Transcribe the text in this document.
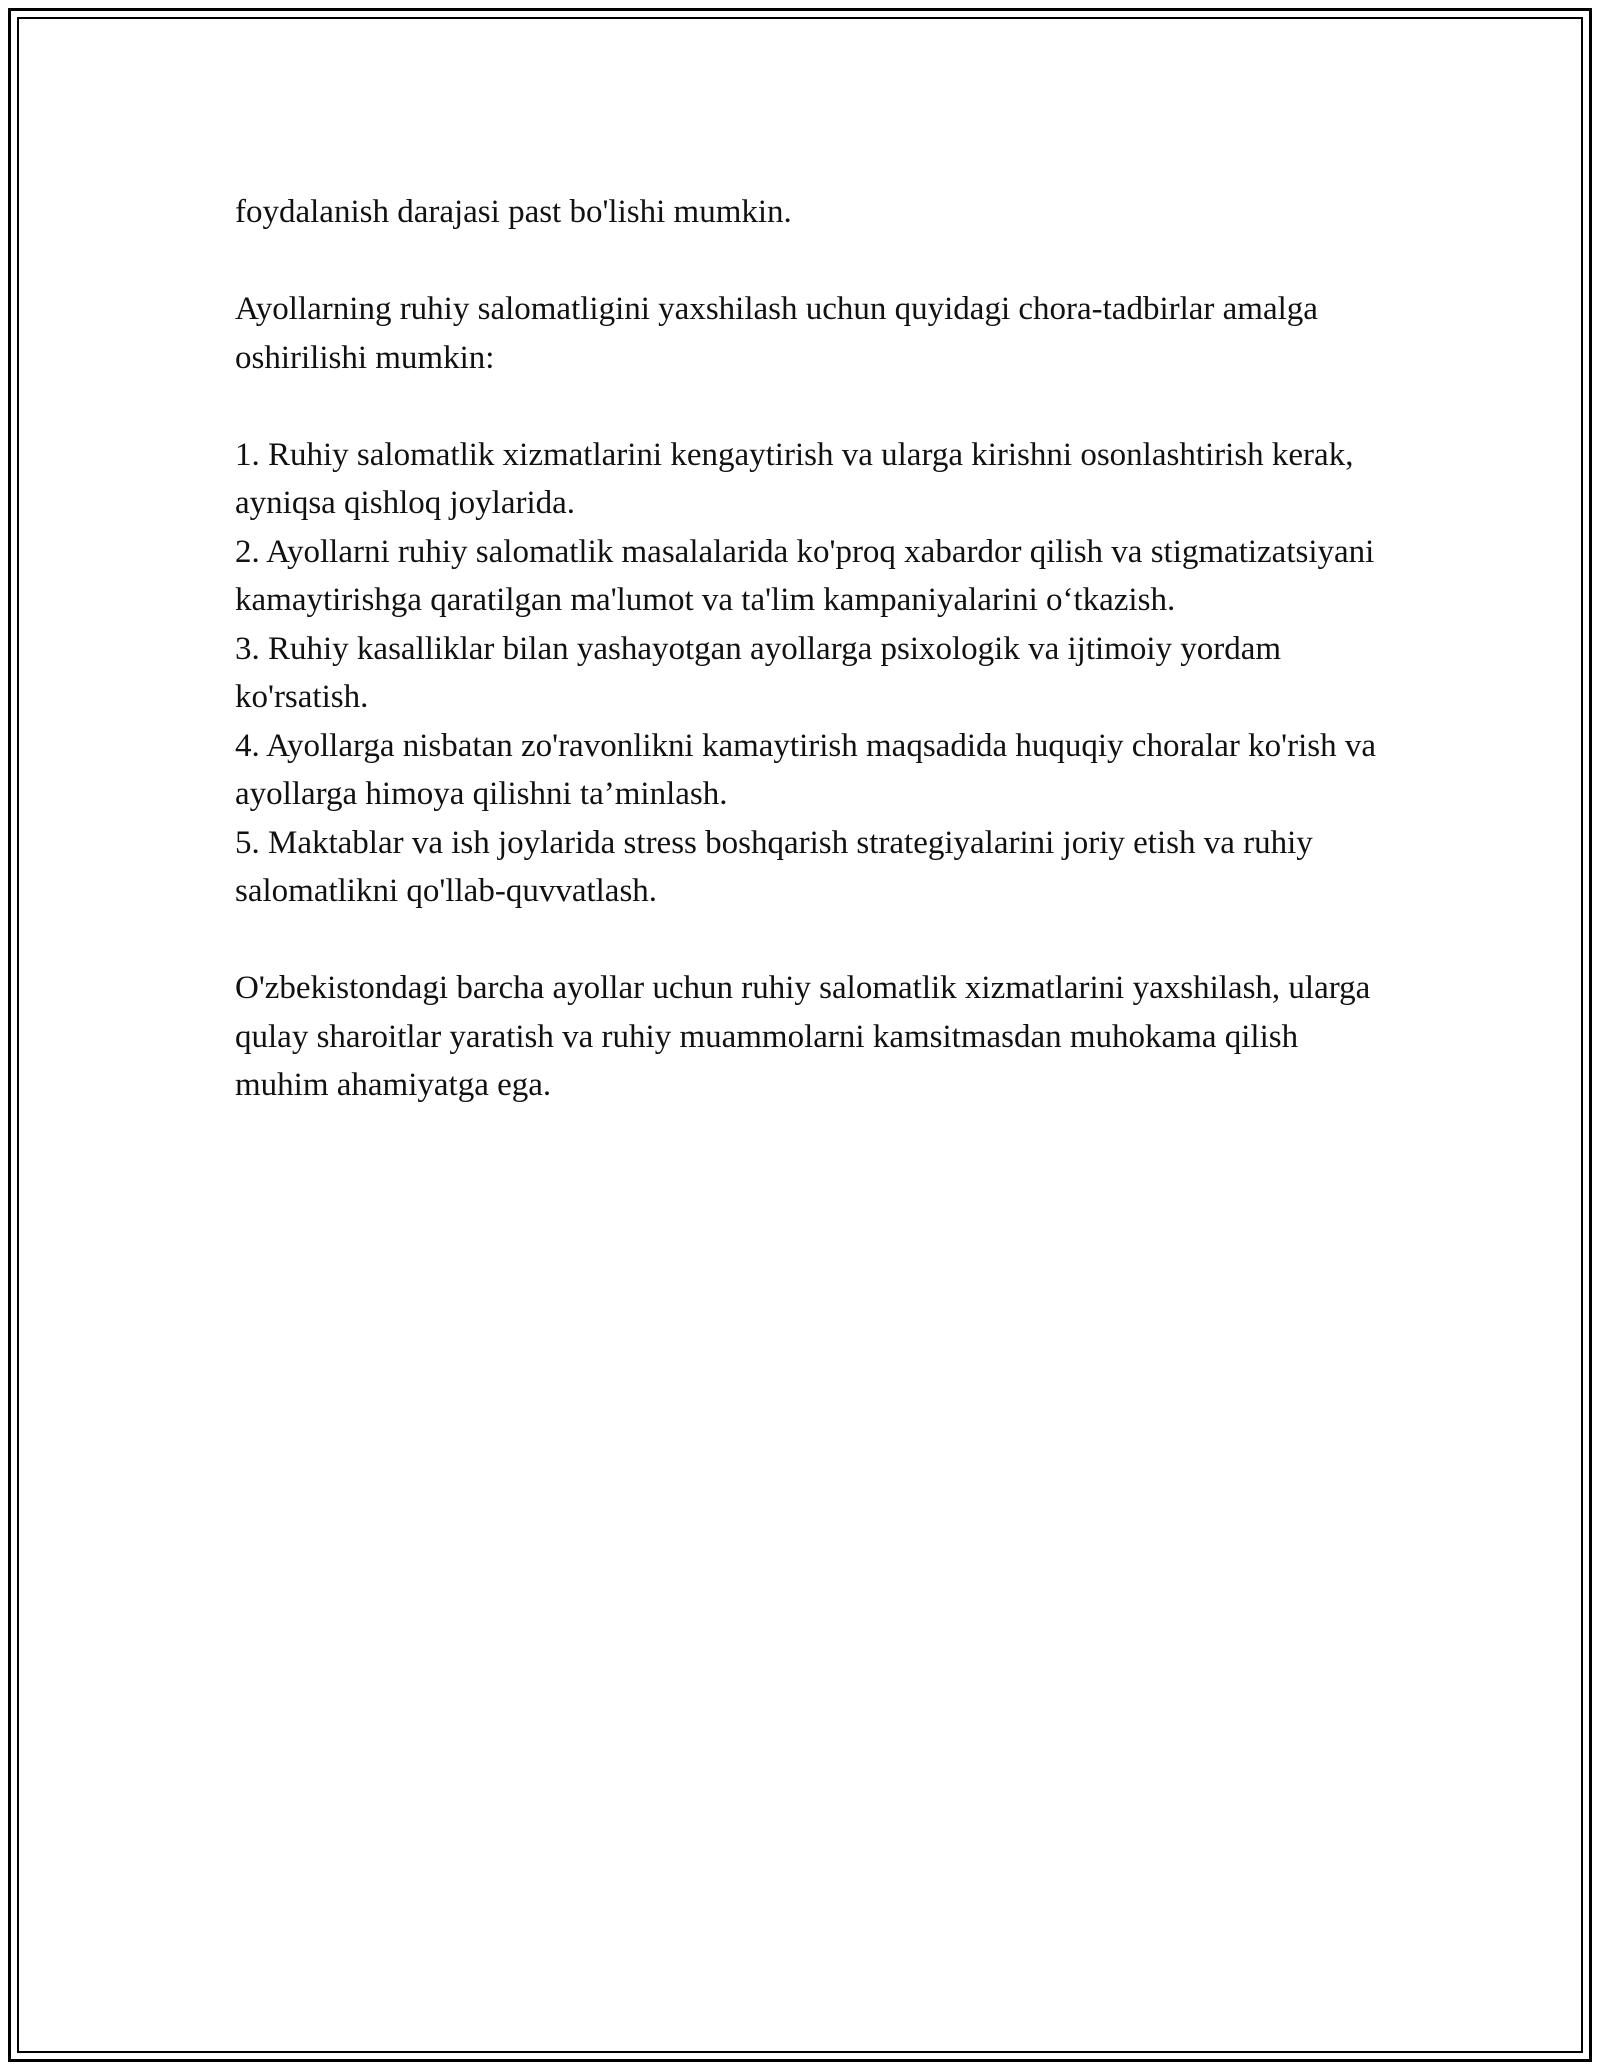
foydalanish darajasi past bo'lishi mumkin.

Ayollarning ruhiy salomatligini yaxshilash uchun quyidagi chora-tadbirlar amalga oshirilishi mumkin:

1. Ruhiy salomatlik xizmatlarini kengaytirish va ularga kirishni osonlashtirish kerak, ayniqsa qishloq joylarida.

2. Ayollarni ruhiy salomatlik masalalarida ko'proq xabardor qilish va stigmatizatsiyani kamaytirishga qaratilgan ma'lumot va ta'lim kampaniyalarini o‘tkazish.

3. Ruhiy kasalliklar bilan yashayotgan ayollarga psixologik va ijtimoiy yordam ko'rsatish.

4. Ayollarga nisbatan zo'ravonlikni kamaytirish maqsadida huquqiy choralar ko'rish va ayollarga himoya qilishni ta’minlash.

5. Maktablar va ish joylarida stress boshqarish strategiyalarini joriy etish va ruhiy salomatlikni qo'llab-quvvatlash.

O'zbekistondagi barcha ayollar uchun ruhiy salomatlik xizmatlarini yaxshilash, ularga qulay sharoitlar yaratish va ruhiy muammolarni kamsitmasdan muhokama qilish muhim ahamiyatga ega.
